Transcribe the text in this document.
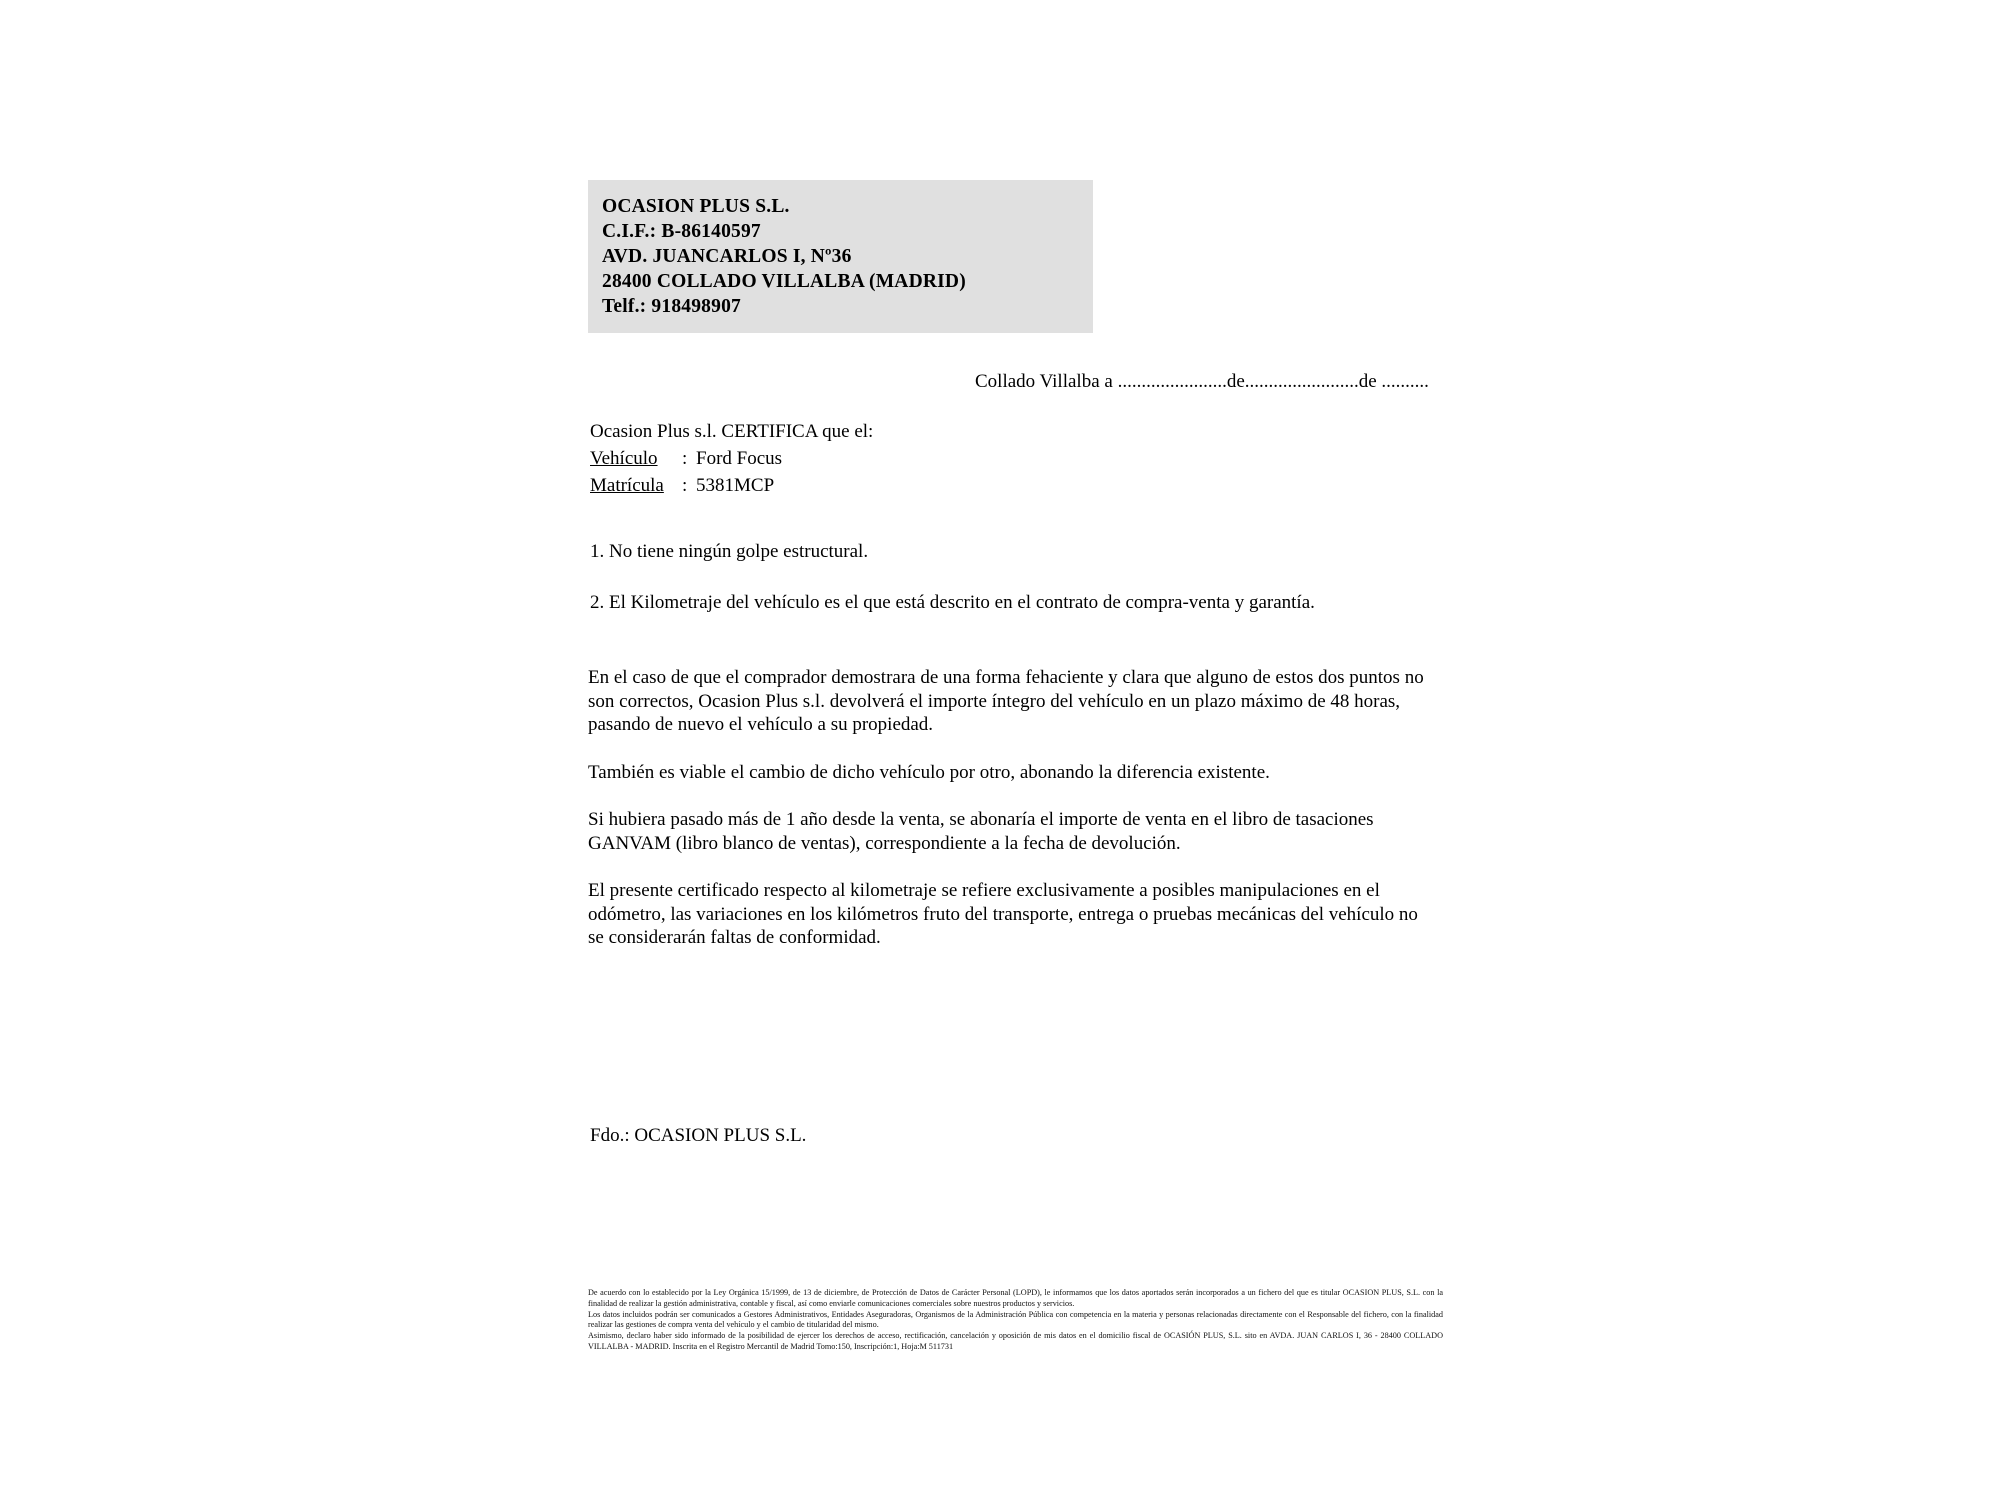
OCASION PLUS S.L.
C.I.F.: B-86140597
AVD. JUANCARLOS I, Nº36
28400 COLLADO VILLALBA (MADRID)
Telf.: 918498907
Collado Villalba a .......................de........................de ..........
Ocasion Plus s.l. CERTIFICA que el:
Vehículo : Ford Focus
Matrícula : 5381MCP
1. No tiene ningún golpe estructural.
2. El Kilometraje del vehículo es el que está descrito en el contrato de compra-venta y garantía.

En el caso de que el comprador demostrara de una forma fehaciente y clara que alguno de estos dos puntos no son correctos, Ocasion Plus s.l. devolverá el importe íntegro del vehículo en un plazo máximo de 48 horas, pasando de nuevo el vehículo a su propiedad.

También es viable el cambio de dicho vehículo por otro, abonando la diferencia existente.

Si hubiera pasado más de 1 año desde la venta, se abonaría el importe de venta en el libro de tasaciones GANVAM (libro blanco de ventas), correspondiente a la fecha de devolución.

El presente certificado respecto al kilometraje se refiere exclusivamente a posibles manipulaciones en el odómetro, las variaciones en los kilómetros fruto del transporte, entrega o pruebas mecánicas del vehículo no se considerarán faltas de conformidad.

Fdo.: OCASION PLUS S.L.

De acuerdo con lo establecido por la Ley Orgánica 15/1999, de 13 de diciembre, de Protección de Datos de Carácter Personal (LOPD), le informamos que los datos aportados serán incorporados a un fichero del que es titular OCASION PLUS, S.L. con la finalidad de realizar la gestión administrativa, contable y fiscal, así como enviarle comunicaciones comerciales sobre nuestros productos y servicios.

Los datos incluidos podrán ser comunicados a Gestores Administrativos, Entidades Aseguradoras, Organismos de la Administración Pública con competencia en la materia y personas relacionadas directamente con el Responsable del fichero, con la finalidad realizar las gestiones de compra venta del vehículo y el cambio de titularidad del mismo.

Asimismo, declaro haber sido informado de la posibilidad de ejercer los derechos de acceso, rectificación, cancelación y oposición de mis datos en el domicilio fiscal de OCASIÓN PLUS, S.L. sito en AVDA. JUAN CARLOS I, 36 - 28400 COLLADO VILLALBA - MADRID. Inscrita en el Registro Mercantil de Madrid Tomo:150, Inscripción:1, Hoja:M 511731
